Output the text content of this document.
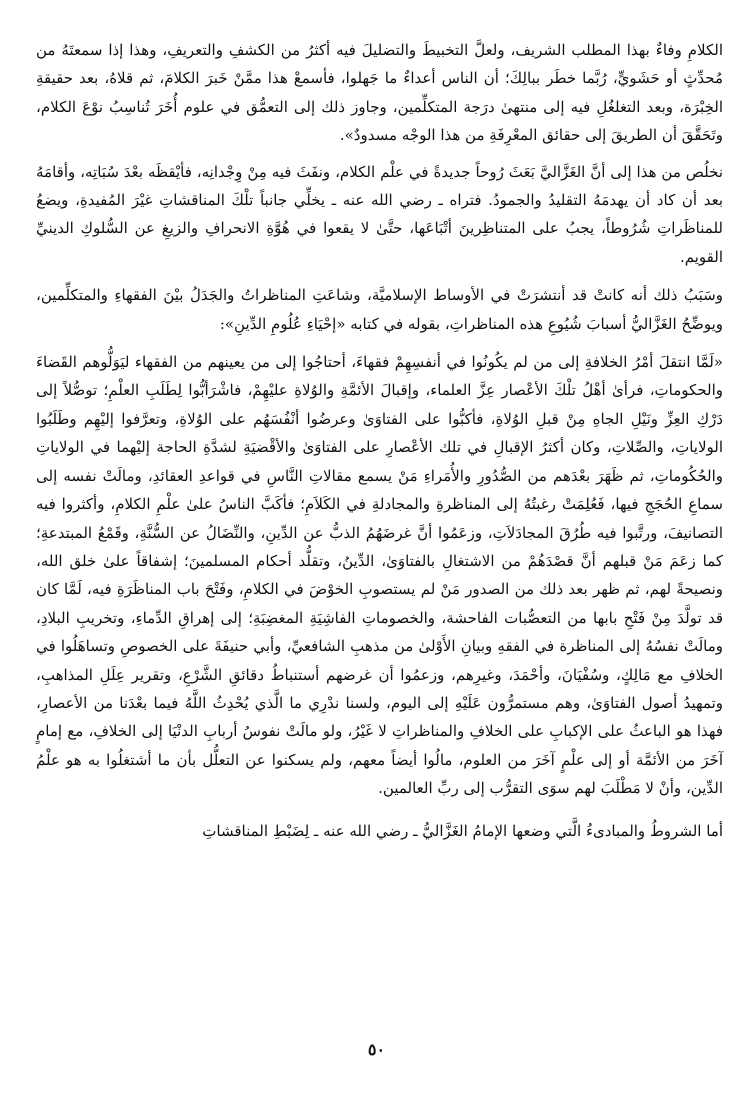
الكلامِ وفاءٌ بهذا المطلب الشريف، ولعلَّ التخبيطَ والتضليلَ فيه أكثرُ من الكشفِ والتعريفِ، وهذا إذا سمعتَهُ من مُحدِّثٍ أو حَشَويٍّ، رُبَّما خطَر ببالِكَ؛ أن الناس أعداءٌ ما جَهلوا، فأسمعْ هذا ممَّنْ خَبرَ الكلامَ، ثم قلاهُ، بعد حقيقةِ الخِبْرَة، وبعد التغلغُلِ فيه إلى منتهىٰ درَجة المتكلِّمين، وجاوز ذلك إلى التعمُّق في علوم أُخَرَ تُناسِبُ نوْعَ الكلام، وتَحَقَّقَ أن الطريقَ إلى حقائق المعْرِفَةِ من هذا الوجْه مسدودٌ».

نخلُص من هذا إلى أنَّ الغَزَّاليَّ بَعَثَ رُوحاً جديدةً في علْم الكلام، ونفَثَ فيه مِنْ وِجْدانِه، فأيْقظَه بعْدَ سُبَاتِه، وأقامَهُ بعد أن كاد أن يهدمَهُ التقليدُ والجمودُ. فتراه ـ رضي الله عنه ـ يخلِّي جانباً تلْكَ المناقشاتِ غيْرَ المُفيدةِ، ويضعُ للمناظَراتِ شُرُوطاً، يجبُ على المتناظِرينَ أتْبَاعَها، حتَّىٰ لا يقعوا في هُوَّةِ الانحرافِ والزيغِ عن السُّلوكِ الدينيِّ القويم.

وسَبَبُ ذلك أنه كانتْ قد أنتشرَتْ في الأوساط الإسلاميَّة، وشاعَتِ المناظراتُ والجَدَلُ بيْنَ الفقهاءِ والمتكلِّمين، ويوضِّحُ الغَزَّاليُّ أسبابَ شُيُوعِ هذه المناظراتِ، بقوله في كتابه «إحْيَاءِ عُلُومِ الدِّينِ»:

«لَمَّا انتقلَ أمْرُ الخلافةِ إلى من لم يكُونُوا في أنفسِهِمْ فقهاءَ، أحتاجُوا إلى من يعينهم من الفقهاء ليَوَلُّوهم القَضاءَ والحكوماتِ، فرأىٰ أهْلُ تلْكَ الأعْصار عِزَّ العلماء، وإقبالَ الأئمَّةِ والوُلاةِ عليْهِمْ، فاشْرَأبُّوا لِطَلَبِ العلْمِ؛ توصُّلاً إلى دَرْكِ العِزِّ ونَيْلِ الجاهِ مِنْ قبلِ الوُلاةِ، فأكبُّوا على الفتاوَىٰ وعرضُوا أنْفُسَهُم على الوُلاةِ، وتعرَّفوا إليْهِم وطَلَبُوا الولاياتِ، والصِّلاتِ، وكان أكثرُ الإقبالِ في تلك الأعْصارِ على الفتاوَىٰ والأقْضيَةِ لشدَّةِ الحاجة إليْهما في الولاياتِ والحُكُوماتِ، ثم ظَهَرَ بعْدَهم من الصُّدُورِ والأُمَراءِ مَنْ يسمع مقالاتِ النَّاسِ في قواعدِ العقائدِ، ومالَتْ نفسه إلى سماعِ الحُجَجِ فيها، فَعُلِمَتْ رغبتُهُ إلى المناظرةِ والمجادلةِ في الكَلاَمِ؛ فأكَبَّ الناسُ علىٰ علْمِ الكلامِ، وأكثروا فيه التصانيفَ، ورتَّبوا فيه طُرُقَ المجادَلاَتِ، وزعَمُوا أنَّ غرضَهُمُ الذبُّ عن الدِّينِ، والنِّضَالُ عن السُّنَّةِ، وقَمْعُ المبتدعةِ؛ كما زعَمَ مَنْ قبلهم أنَّ قصْدَهُمْ من الاشتغالِ بالفتاوَىٰ، الدِّينُ، وتقلُّد أحكام المسلمينَ؛ إشفاقاً علىٰ خلق الله، ونصيحةً لهم، ثم ظهر بعد ذلك من الصدور مَنْ لم يستصوبِ الخوْضَ في الكلامِ، وفَتْحَ باب المناظَرَةِ فيه، لَمَّا كان قد تولَّدَ مِنْ فَتْحِ بابها من التعصُّبات الفاحشة، والخصوماتِ الفاشِيَةِ المغضِبَةِ؛ إلى إهراقِ الدِّماءِ، وتخريبِ البلادِ، ومالَتْ نفسُهُ إلى المناظرة في الفقهِ وبيانِ الأَوْلىٰ من مذهبِ الشافعيِّ، وأبي حنيفَةَ على الخصوصِ وتساهَلُوا في الخلافِ مع مَالِكٍ، وسُفْيَانَ، وأحْمَدَ، وغيرِهم، وزعمُوا أن غرضهم أستنباطُ دقائقِ الشَّرْعِ، وتقرير عِلَلِ المذاهبِ، وتمهيدُ أصول الفتاوَىٰ، وهم مستمرُّون عَلَيْهِ إلى اليوم، ولسنا ندْرِي ما الَّذي يُحْدِثُ اللَّهُ فيما بعْدَنا من الأعصارِ، فهذا هو الباعثُ على الإكبابِ على الخلافِ والمناظراتِ لا غَيْرُ، ولو مالَتْ نفوسُ أربابِ الدنْيَا إلى الخلافِ، مع إمامٍ آخَرَ من الأئمَّة أو إلى علْمٍ آخَرَ من العلوم، مالُوا أيضاً معهم، ولم يسكنوا عن التعلُّل بأن ما أشتغلُوا به هو علْمُ الدِّين، وأنْ لا مَطْلَبَ لهم سوَى التقرُّب إلى ربِّ العالمين.

أما الشروطُ والمبادىءُ الَّتي وضعها الإمامُ الغَزَّاليُّ ـ رضي الله عنه ـ لِضَبْطِ المناقشاتِ

٥٠
